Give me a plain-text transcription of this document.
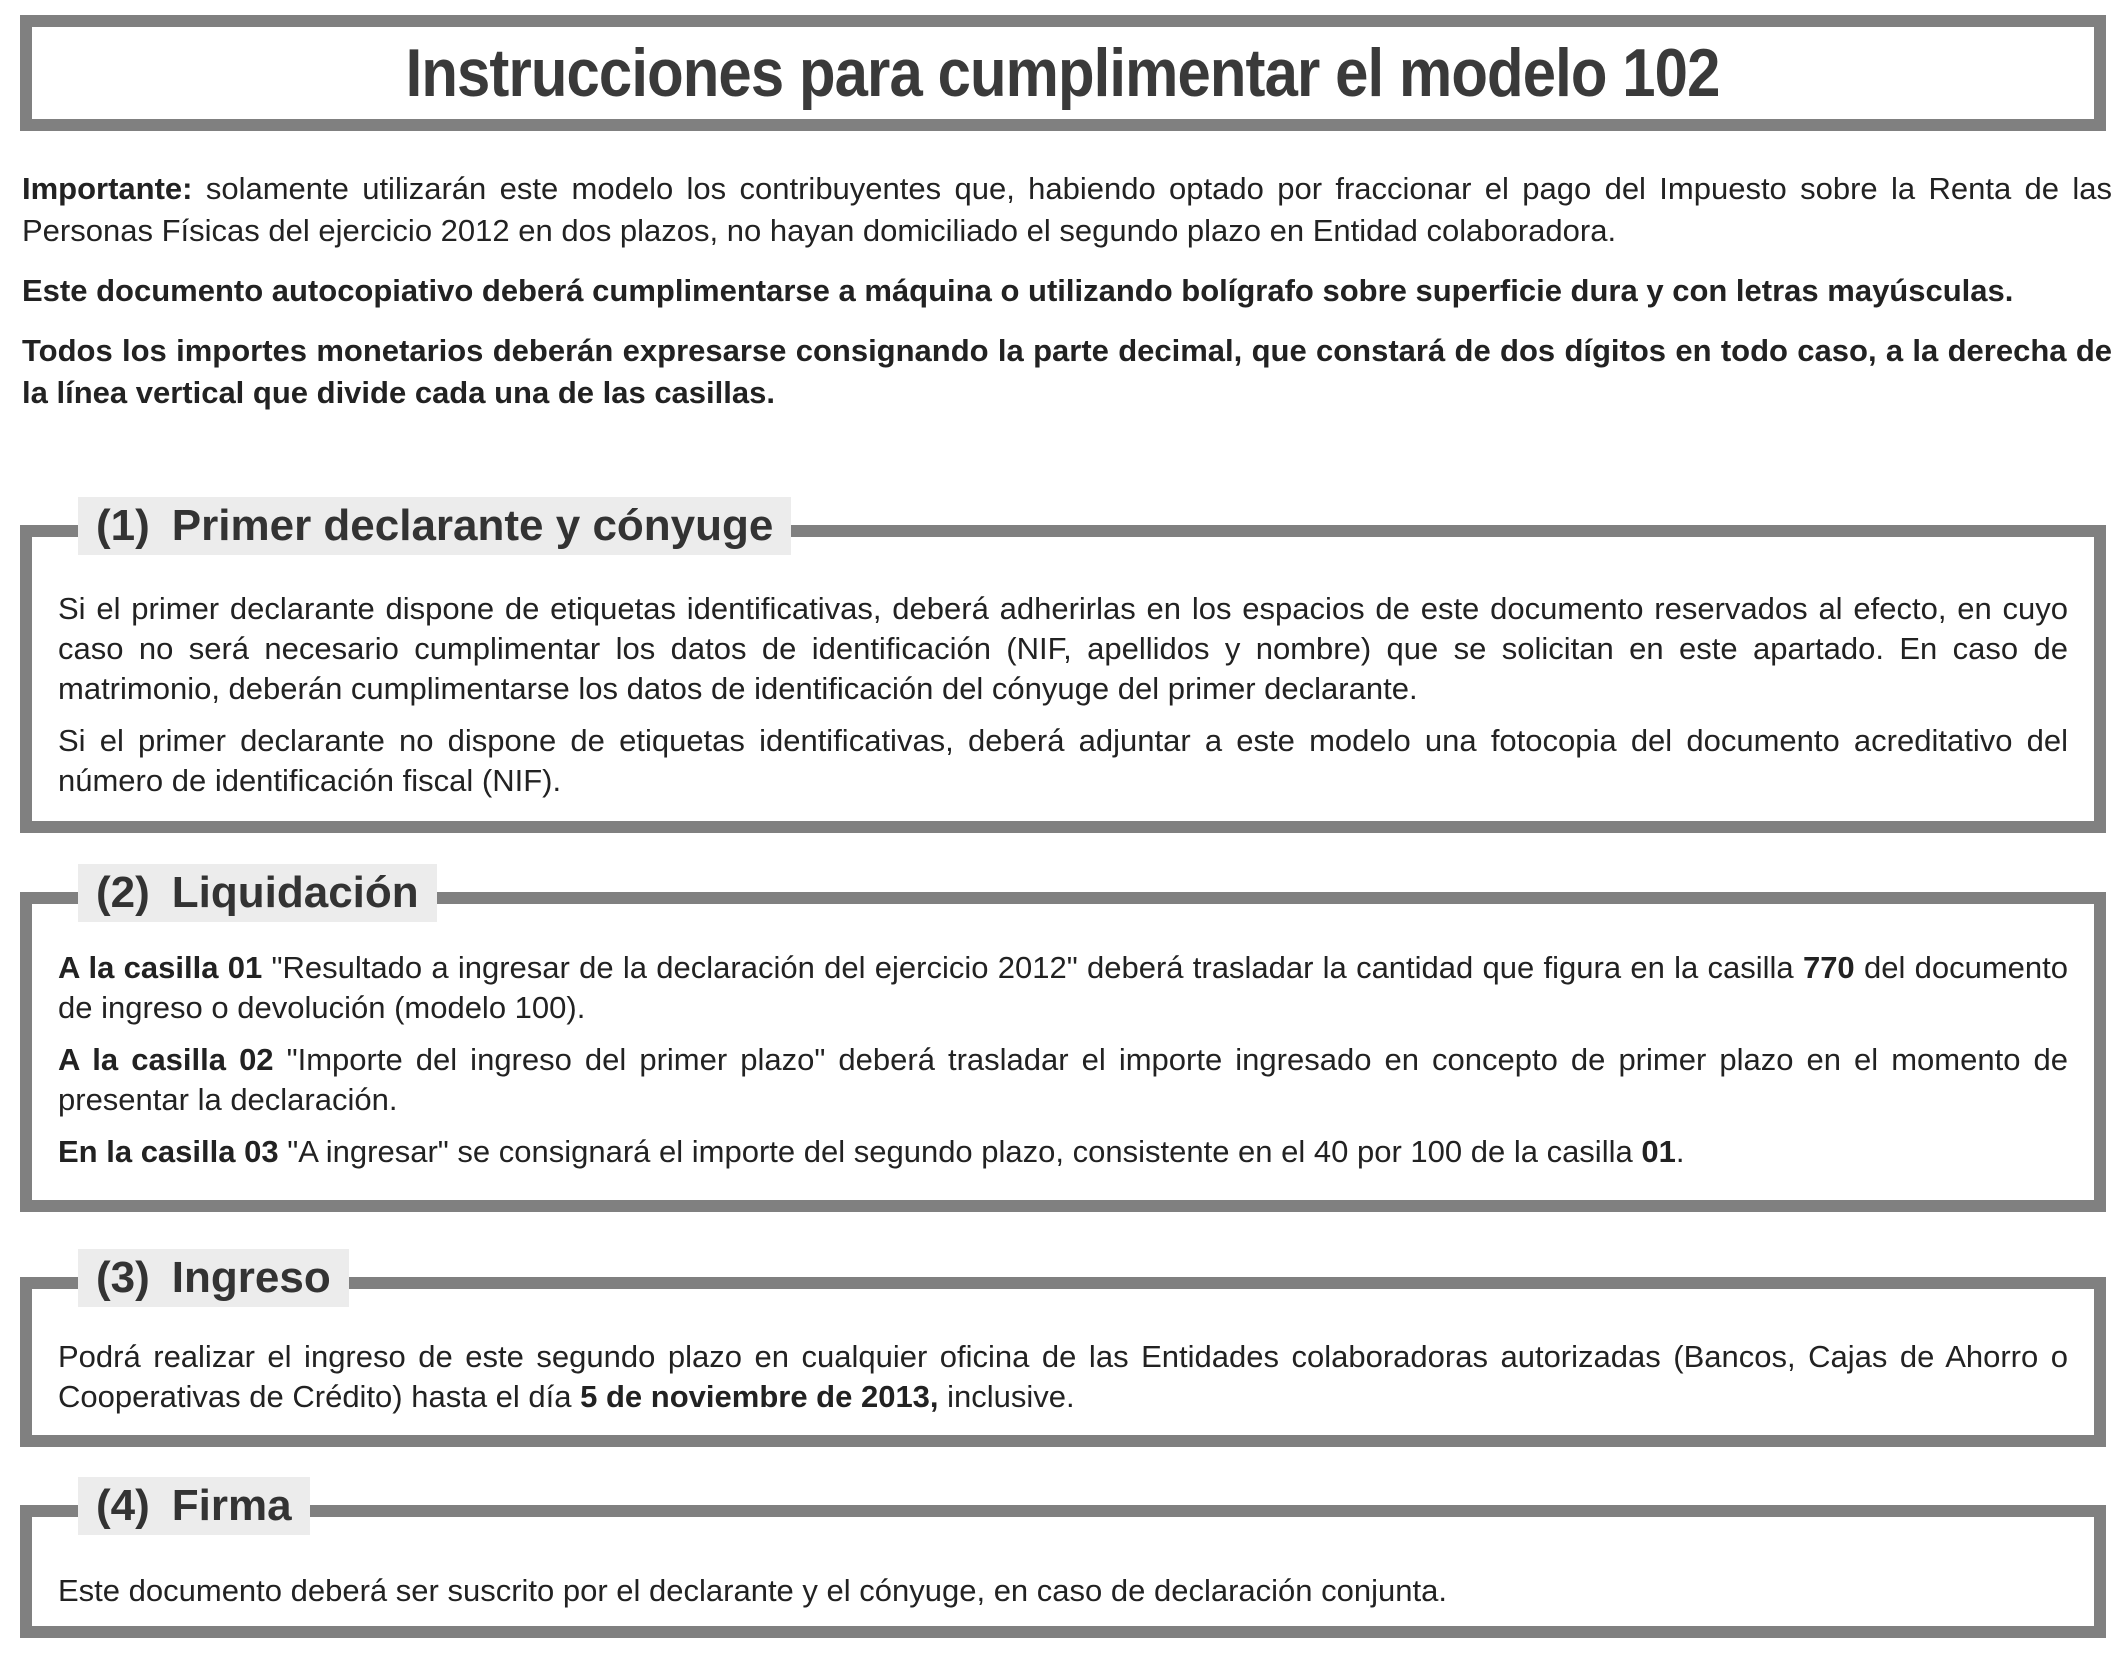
Instrucciones para cumplimentar el modelo 102

Importante: solamente utilizarán este modelo los contribuyentes que, habiendo optado por fraccionar el pago del Impuesto sobre la Renta de las Personas Físicas del ejercicio 2012 en dos plazos, no hayan domiciliado el segundo plazo en Entidad colaboradora.

Este documento autocopiativo deberá cumplimentarse a máquina o utilizando bolígrafo sobre superficie dura y con letras mayúsculas.

Todos los importes monetarios deberán expresarse consignando la parte decimal, que constará de dos dígitos en todo caso, a la derecha de la línea vertical que divide cada una de las casillas.

(1) Primer declarante y cónyuge

Si el primer declarante dispone de etiquetas identificativas, deberá adherirlas en los espacios de este documento reservados al efecto, en cuyo caso no será necesario cumplimentar los datos de identificación (NIF, apellidos y nombre) que se solicitan en este apartado. En caso de matrimonio, deberán cumplimentarse los datos de identificación del cónyuge del primer declarante.

Si el primer declarante no dispone de etiquetas identificativas, deberá adjuntar a este modelo una fotocopia del documento acreditativo del número de identificación fiscal (NIF).

(2) Liquidación

A la casilla 01 "Resultado a ingresar de la declaración del ejercicio 2012" deberá trasladar la cantidad que figura en la casilla 770 del documento de ingreso o devolución (modelo 100).

A la casilla 02 "Importe del ingreso del primer plazo" deberá trasladar el importe ingresado en concepto de primer plazo en el momento de presentar la declaración.

En la casilla 03 "A ingresar" se consignará el importe del segundo plazo, consistente en el 40 por 100 de la casilla 01.

(3) Ingreso

Podrá realizar el ingreso de este segundo plazo en cualquier oficina de las Entidades colaboradoras autorizadas (Bancos, Cajas de Ahorro o Cooperativas de Crédito) hasta el día 5 de noviembre de 2013, inclusive.

(4) Firma

Este documento deberá ser suscrito por el declarante y el cónyuge, en caso de declaración conjunta.
